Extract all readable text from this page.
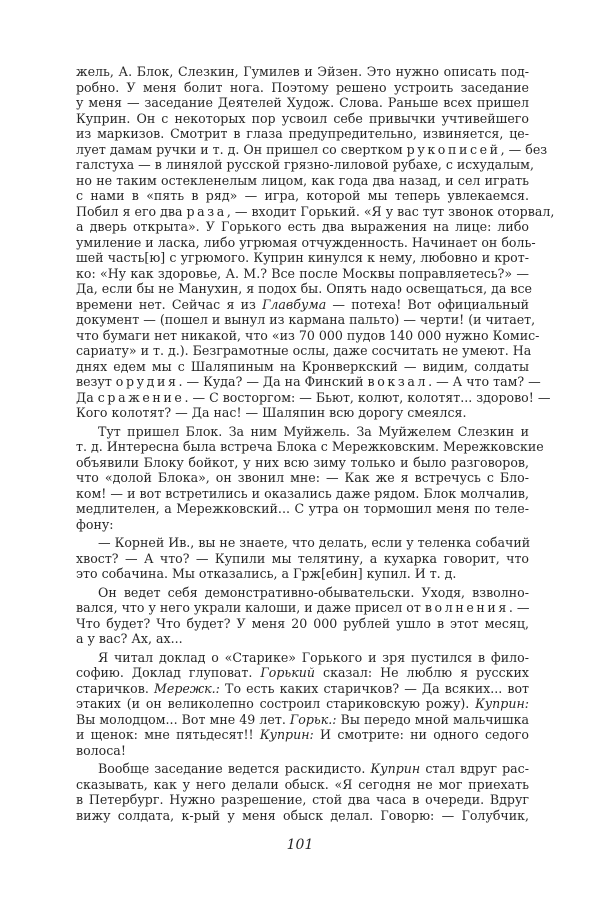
жель, А. Блок, Слезкин, Гумилев и Эйзен. Это нужно описать под-
робно. У меня болит нога. Поэтому решено устроить заседание
у меня — заседание Деятелей Худож. Слова. Раньше всех пришел
Куприн. Он с некоторых пор усвоил себе привычки учтивейшего
из маркизов. Смотрит в глаза предупредительно, извиняется, це-
лует дамам ручки и т. д. Он пришел со свертком рукописей, — без
галстуха — в линялой русской грязно-лиловой рубахе, с исхудалым,
но не таким остекленелым лицом, как года два назад, и сел играть
с нами в «пять в ряд» — игра, которой мы теперь увлекаемся.
Побил я его два раза, — входит Горький. «Я у вас тут звонок оторвал,
а дверь открыта». У Горького есть два выражения на лице: либо
умиление и ласка, либо угрюмая отчужденность. Начинает он боль-
шей часть[ю] с угрюмого. Куприн кинулся к нему, любовно и крот-
ко: «Ну как здоровье, А. М.? Все после Москвы поправляетесь?» —
Да, если бы не Манухин, я подох бы. Опять надо освещаться, да все
времени нет. Сейчас я из Главбума — потеха! Вот официальный
документ — (пошел и вынул из кармана пальто) — черти! (и читает,
что бумаги нет никакой, что «из 70 000 пудов 140 000 нужно Комис-
сариату» и т. д.). Безграмотные ослы, даже сосчитать не умеют. На
днях едем мы с Шаляпиным на Кронверкский — видим, солдаты
везут орудия. — Куда? — Да на Финский вокзал. — А что там? —
Да сражение. — С восторгом: — Бьют, колют, колотят... здорово! —
Кого колотят? — Да нас! — Шаляпин всю дорогу смеялся.
Тут пришел Блок. За ним Муйжель. За Муйжелем Слезкин и
т. д. Интересна была встреча Блока с Мережковским. Мережковские
объявили Блоку бойкот, у них всю зиму только и было разговоров,
что «долой Блока», он звонил мне: — Как же я встречусь с Бло-
ком! — и вот встретились и оказались даже рядом. Блок молчалив,
медлителен, а Мережковский... С утра он тормошил меня по теле-
фону:
— Корней Ив., вы не знаете, что делать, если у теленка собачий
хвост? — А что? — Купили мы телятину, а кухарка говорит, что
это собачина. Мы отказались, а Грж[ебин] купил. И т. д.
Он ведет себя демонстративно-обывательски. Уходя, взволно-
вался, что у него украли калоши, и даже присел от волнения. —
Что будет? Что будет? У меня 20 000 рублей ушло в этот месяц,
а у вас? Ах, ах...
Я читал доклад о «Старике» Горького и зря пустился в фило-
софию. Доклад глуповат. Горький сказал: Не люблю я русских
старичков. Мережк.: То есть каких старичков? — Да всяких... вот
этаких (и он великолепно состроил стариковскую рожу). Куприн:
Вы молодцом... Вот мне 49 лет. Горьк.: Вы передо мной мальчишка
и щенок: мне пятьдесят!! Куприн: И смотрите: ни одного седого
волоса!
Вообще заседание ведется раскидисто. Куприн стал вдруг рас-
сказывать, как у него делали обыск. «Я сегодня не мог приехать
в Петербург. Нужно разрешение, стой два часа в очереди. Вдруг
вижу солдата, к-рый у меня обыск делал. Говорю: — Голубчик,
101
